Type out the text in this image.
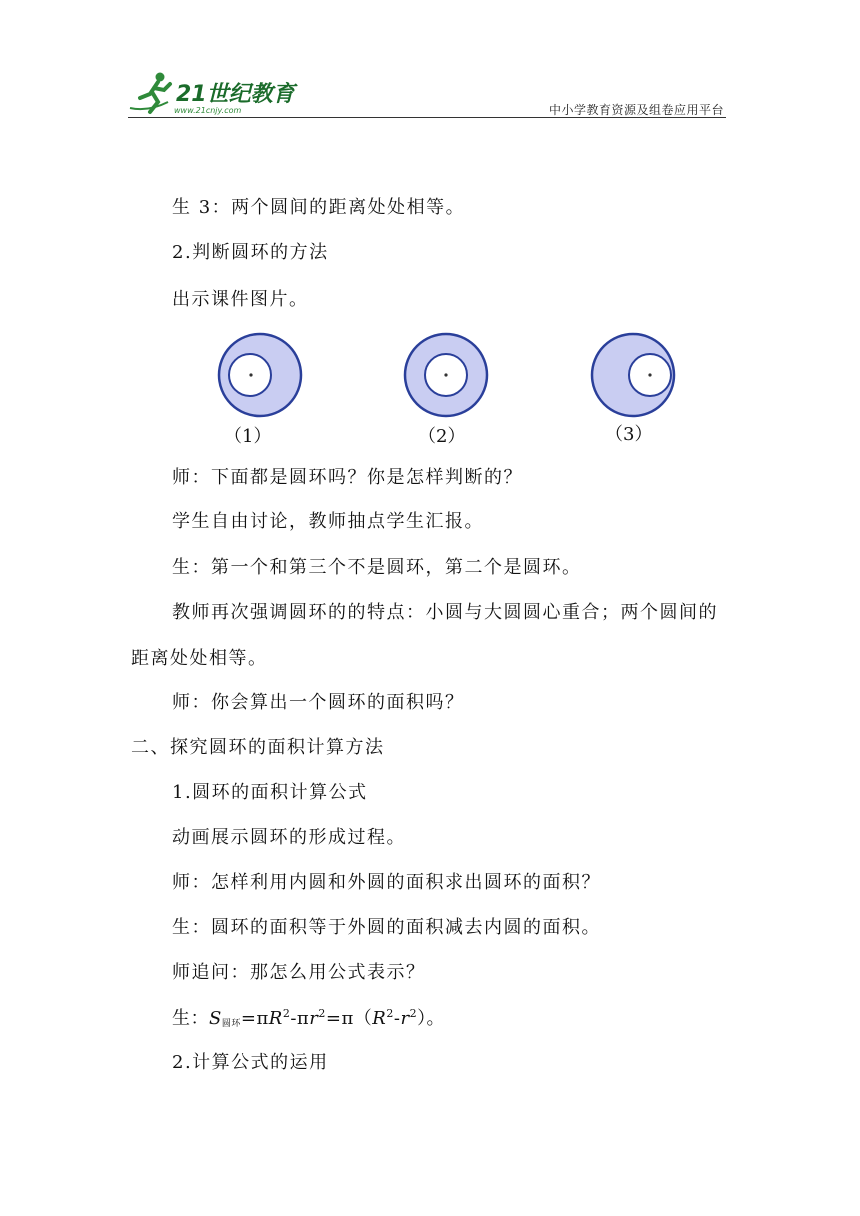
21世纪教育
www.21cnjy.com	中小学教育资源及组卷应用平台
生 3：两个圆间的距离处处相等。
2.判断圆环的方法
出示课件图片。
（1）	（2）	（3）
师：下面都是圆环吗？你是怎样判断的？
学生自由讨论，教师抽点学生汇报。
生：第一个和第三个不是圆环，第二个是圆环。
教师再次强调圆环的的特点：小圆与大圆圆心重合；两个圆间的
距离处处相等。
师：你会算出一个圆环的面积吗？
二、探究圆环的面积计算方法
1.圆环的面积计算公式
动画展示圆环的形成过程。
师：怎样利用内圆和外圆的面积求出圆环的面积？
生：圆环的面积等于外圆的面积减去内圆的面积。
师追问：那怎么用公式表示？
生：$S_{圆环}=\pi R^2-\pi r^2=\pi(R^2-r^2)$。
2.计算公式的运用
